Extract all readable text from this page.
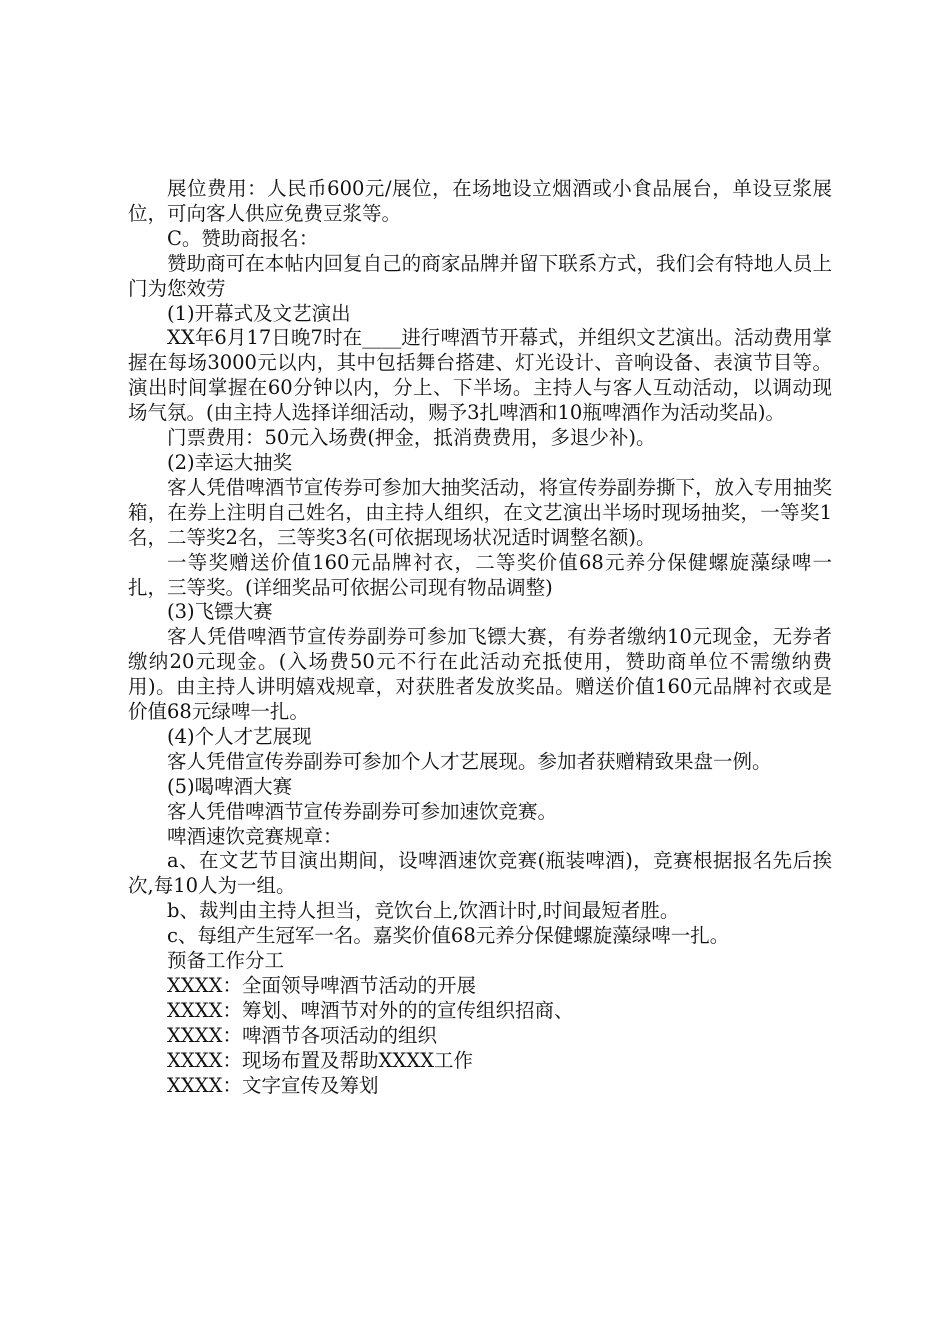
展位费用：人民币600元/展位，在场地设立烟酒或小食品展台，单设豆浆展位，可向客人供应免费豆浆等。

C。赞助商报名：

赞助商可在本帖内回复自己的商家品牌并留下联系方式，我们会有特地人员上门为您效劳

(1)开幕式及文艺演出

XX年6月17日晚7时在____进行啤酒节开幕式，并组织文艺演出。活动费用掌握在每场3000元以内，其中包括舞台搭建、灯光设计、音响设备、表演节目等。演出时间掌握在60分钟以内，分上、下半场。主持人与客人互动活动，以调动现场气氛。(由主持人选择详细活动，赐予3扎啤酒和10瓶啤酒作为活动奖品)。

门票费用：50元入场费(押金，抵消费费用，多退少补)。

(2)幸运大抽奖

客人凭借啤酒节宣传券可参加大抽奖活动，将宣传券副券撕下，放入专用抽奖箱，在券上注明自己姓名，由主持人组织，在文艺演出半场时现场抽奖，一等奖1名，二等奖2名，三等奖3名(可依据现场状况适时调整名额)。

一等奖赠送价值160元品牌衬衣，二等奖价值68元养分保健螺旋藻绿啤一扎，三等奖。(详细奖品可依据公司现有物品调整)

(3)飞镖大赛

客人凭借啤酒节宣传券副券可参加飞镖大赛，有券者缴纳10元现金，无券者缴纳20元现金。(入场费50元不行在此活动充抵使用，赞助商单位不需缴纳费用)。由主持人讲明嬉戏规章，对获胜者发放奖品。赠送价值160元品牌衬衣或是价值68元绿啤一扎。

(4)个人才艺展现

客人凭借宣传券副券可参加个人才艺展现。参加者获赠精致果盘一例。

(5)喝啤酒大赛

客人凭借啤酒节宣传券副券可参加速饮竞赛。

啤酒速饮竞赛规章：

a、在文艺节目演出期间，设啤酒速饮竞赛(瓶装啤酒)，竞赛根据报名先后挨次,每10人为一组。

b、裁判由主持人担当，竞饮台上,饮酒计时,时间最短者胜。

c、每组产生冠军一名。嘉奖价值68元养分保健螺旋藻绿啤一扎。

预备工作分工

XXXX：全面领导啤酒节活动的开展

XXXX：筹划、啤酒节对外的的宣传组织招商、

XXXX：啤酒节各项活动的组织

XXXX：现场布置及帮助XXXX工作

XXXX：文字宣传及筹划
